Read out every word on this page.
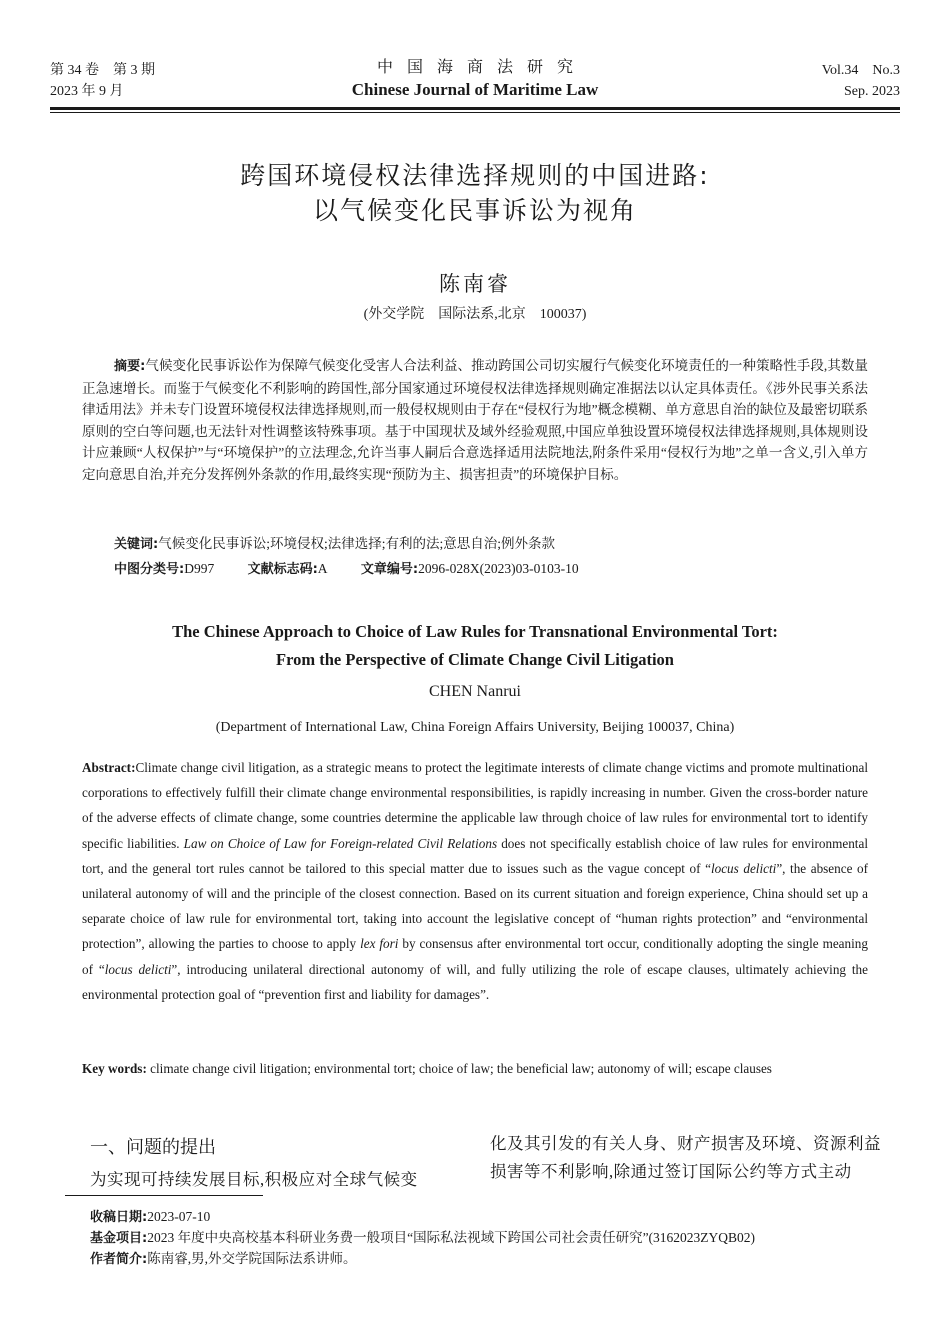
第 34 卷　第 3 期
2023 年 9 月
中国海商法研究
Chinese Journal of Maritime Law
Vol.34　No.3
Sep. 2023
跨国环境侵权法律选择规则的中国进路:
以气候变化民事诉讼为视角
陈南睿
(外交学院　国际法系,北京　100037)
摘要:气候变化民事诉讼作为保障气候变化受害人合法利益、推动跨国公司切实履行气候变化环境责任的一种策略性手段,其数量正急速增长。而鉴于气候变化不利影响的跨国性,部分国家通过环境侵权法律选择规则确定准据法以认定具体责任。《涉外民事关系法律适用法》并未专门设置环境侵权法律选择规则,而一般侵权规则由于存在“侵权行为地”概念模糊、单方意思自治的缺位及最密切联系原则的空白等问题,也无法针对性调整该特殊事项。基于中国现状及域外经验观照,中国应单独设置环境侵权法律选择规则,具体规则设计应兼顾“人权保护”与“环境保护”的立法理念,允许当事人嗣后合意选择适用法院地法,附条件采用“侵权行为地”之单一含义,引入单方定向意思自治,并充分发挥例外条款的作用,最终实现“预防为主、损害担责”的环境保护目标。
关键词:气候变化民事诉讼;环境侵权;法律选择;有利的法;意思自治;例外条款
中图分类号:D997	文献标志码:A	文章编号:2096-028X(2023)03-0103-10
The Chinese Approach to Choice of Law Rules for Transnational Environmental Tort:
From the Perspective of Climate Change Civil Litigation
CHEN Nanrui
(Department of International Law, China Foreign Affairs University, Beijing 100037, China)
Abstract:Climate change civil litigation, as a strategic means to protect the legitimate interests of climate change victims and promote multinational corporations to effectively fulfill their climate change environmental responsibilities, is rapidly increasing in number. Given the cross-border nature of the adverse effects of climate change, some countries determine the applicable law through choice of law rules for environmental tort to identify specific liabilities. Law on Choice of Law for Foreign-related Civil Relations does not specifically establish choice of law rules for environmental tort, and the general tort rules cannot be tailored to this special matter due to issues such as the vague concept of “locus delicti”, the absence of unilateral autonomy of will and the principle of the closest connection. Based on its current situation and foreign experience, China should set up a separate choice of law rule for environmental tort, taking into account the legislative concept of “human rights protection” and “environmental protection”, allowing the parties to choose to apply lex fori by consensus after environmental tort occur, conditionally adopting the single meaning of “locus delicti”, introducing unilateral directional autonomy of will, and fully utilizing the role of escape clauses, ultimately achieving the environmental protection goal of “prevention first and liability for damages”.
Key words: climate change civil litigation; environmental tort; choice of law; the beneficial law; autonomy of will; escape clauses
一、问题的提出
为实现可持续发展目标,积极应对全球气候变
化及其引发的有关人身、财产损害及环境、资源利益
损害等不利影响,除通过签订国际公约等方式主动
收稿日期:2023-07-10
基金项目:2023 年度中央高校基本科研业务费一般项目“国际私法视域下跨国公司社会责任研究”(3162023ZYQB02)
作者简介:陈南睿,男,外交学院国际法系讲师。
